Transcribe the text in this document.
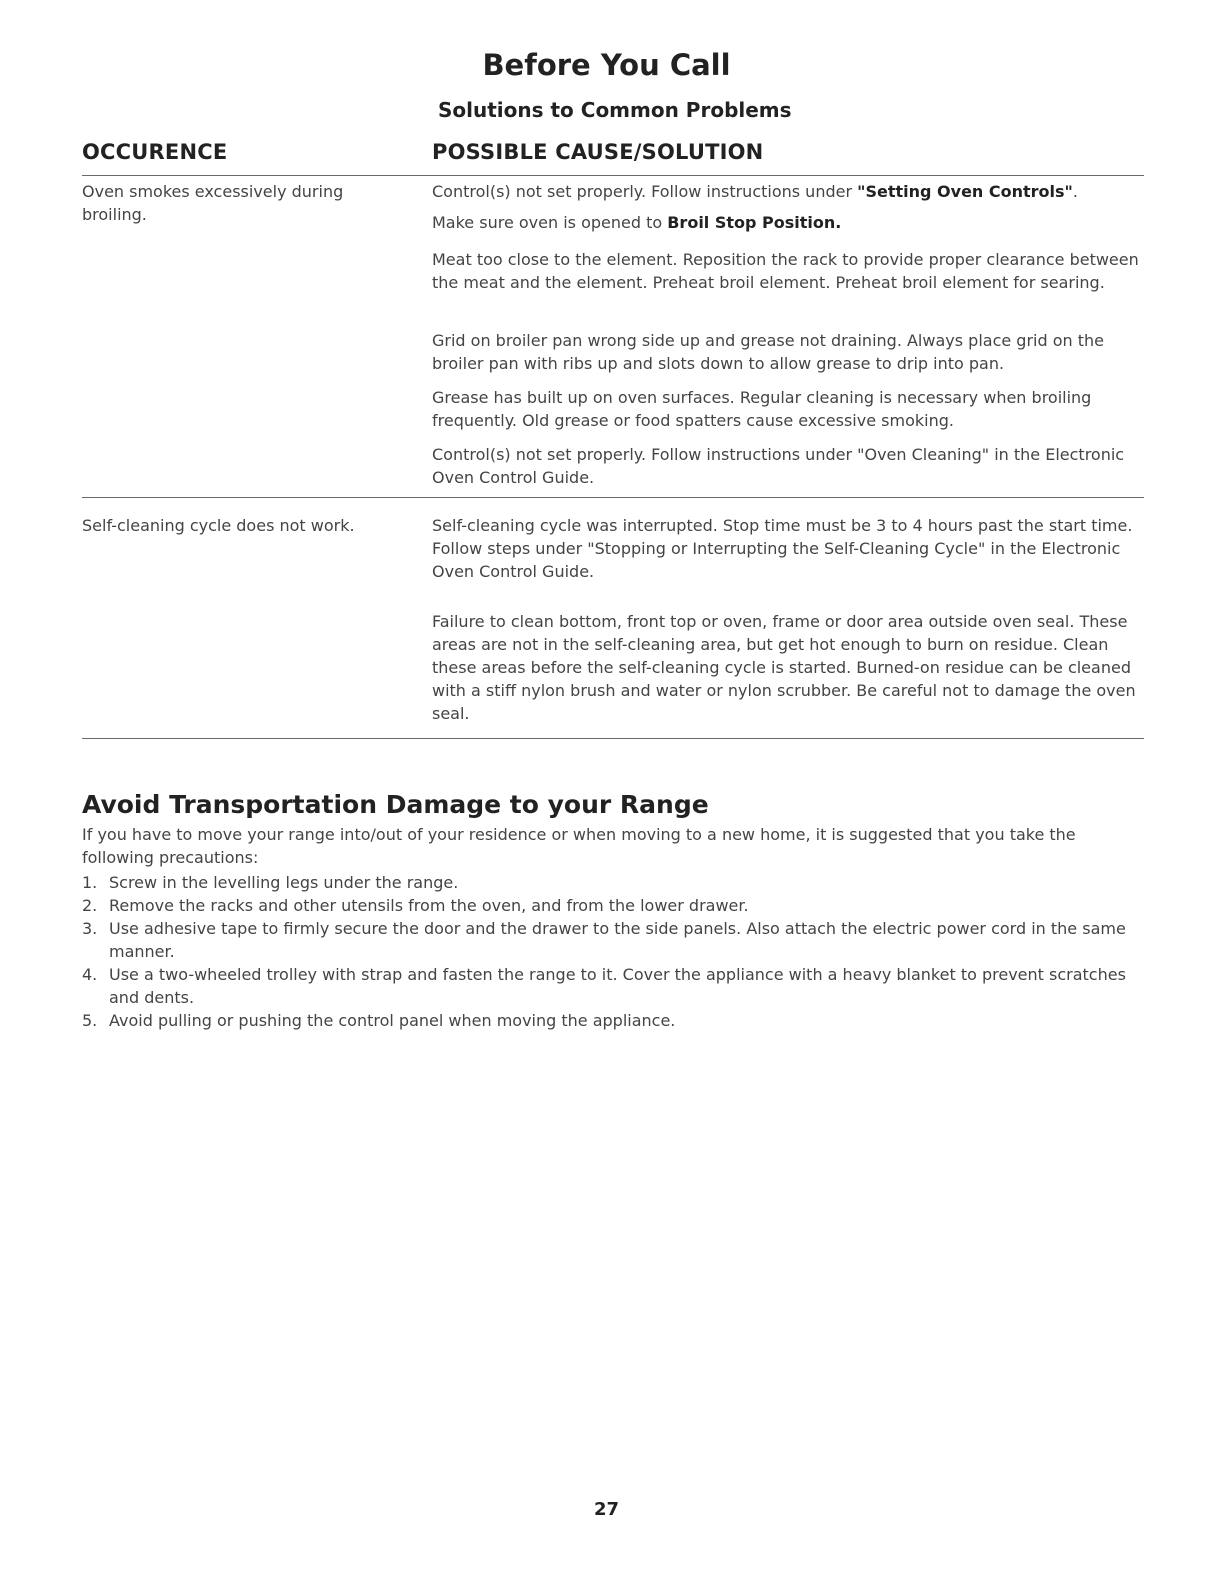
Before You Call
Solutions to Common Problems
OCCURENCE	POSSIBLE CAUSE/SOLUTION
Oven smokes excessively during broiling.
Control(s) not set properly. Follow instructions under "Setting Oven Controls".
Make sure oven is opened to Broil Stop Position.
Meat too close to the element. Reposition the rack to provide proper clearance between the meat and the element. Preheat broil element. Preheat broil element for searing.
Grid on broiler pan wrong side up and grease not draining. Always place grid on the broiler pan with ribs up and slots down to allow grease to drip into pan.
Grease has built up on oven surfaces. Regular cleaning is necessary when broiling frequently. Old grease or food spatters cause excessive smoking.
Control(s) not set properly. Follow instructions under "Oven Cleaning" in the Electronic Oven Control Guide.
Self-cleaning cycle does not work.	Self-cleaning cycle was interrupted. Stop time must be 3 to 4 hours past the start time. Follow steps under "Stopping or Interrupting the Self-Cleaning Cycle" in the Electronic Oven Control Guide.
Failure to clean bottom, front top or oven, frame or door area outside oven seal. These areas are not in the self-cleaning area, but get hot enough to burn on residue. Clean these areas before the self-cleaning cycle is started. Burned-on residue can be cleaned with a stiff nylon brush and water or nylon scrubber. Be careful not to damage the oven seal.
Avoid Transportation Damage to your Range
If you have to move your range into/out of your residence or when moving to a new home, it is suggested that you take the following precautions:
1. Screw in the levelling legs under the range.
2. Remove the racks and other utensils from the oven, and from the lower drawer.
3. Use adhesive tape to firmly secure the door and the drawer to the side panels. Also attach the electric power cord in the same manner.
4. Use a two-wheeled trolley with strap and fasten the range to it. Cover the appliance with a heavy blanket to prevent scratches and dents.
5. Avoid pulling or pushing the control panel when moving the appliance.
27
